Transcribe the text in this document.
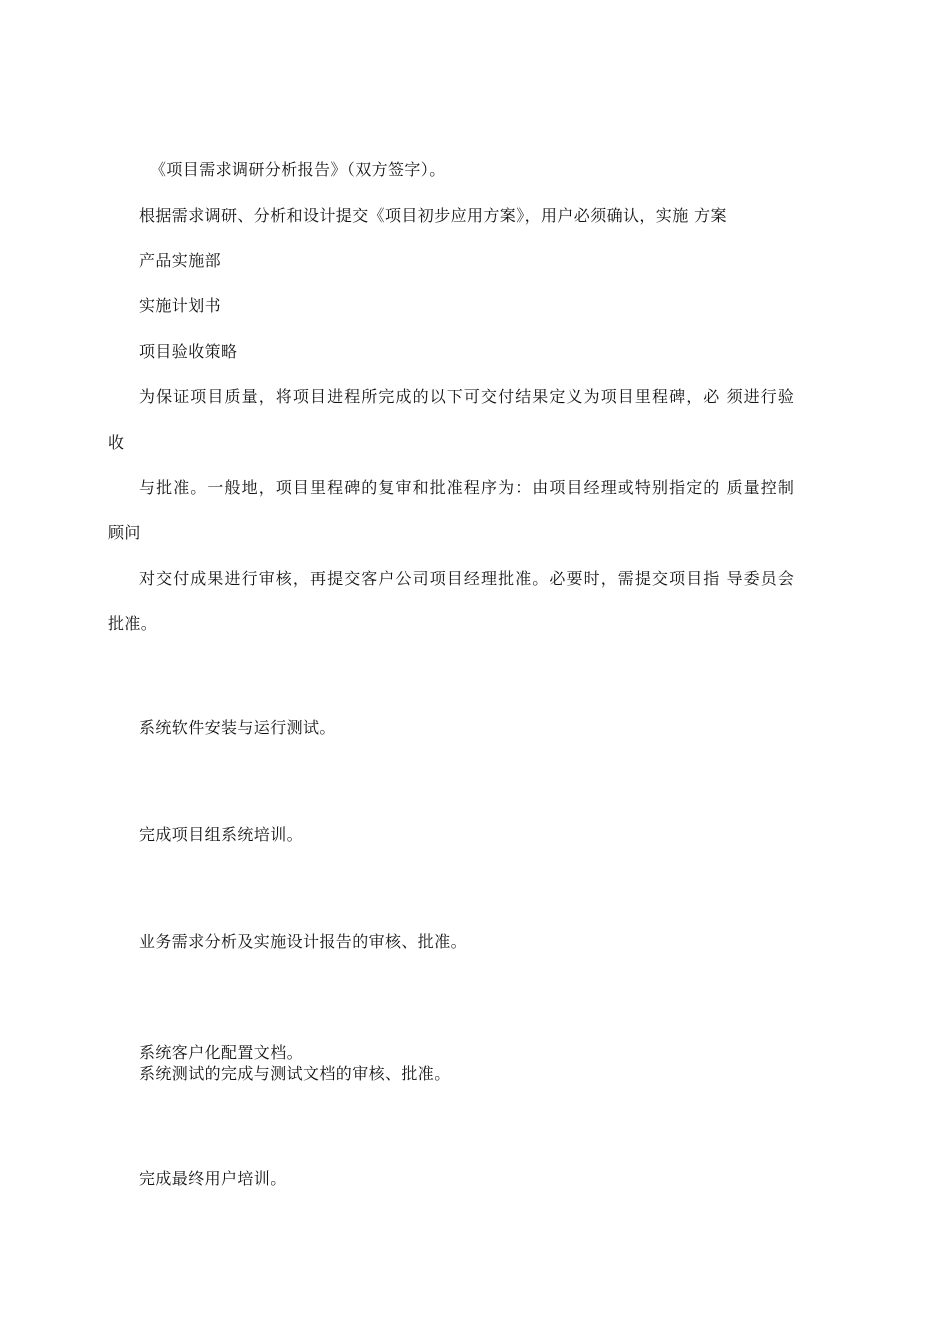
《项目需求调研分析报告》（双方签字）。
根据需求调研、分析和设计提交《项目初步应用方案》，用户必须确认，实施 方案
产品实施部
实施计划书
项目验收策略
为保证项目质量，将项目进程所完成的以下可交付结果定义为项目里程碑，必 须进行验
收
与批准。一般地，项目里程碑的复审和批准程序为：由项目经理或特别指定的 质量控制
顾问
对交付成果进行审核，再提交客户公司项目经理批准。必要时，需提交项目指 导委员会
批准。
系统软件安装与运行测试。
完成项目组系统培训。
业务需求分析及实施设计报告的审核、批准。
系统客户化配置文档。
系统测试的完成与测试文档的审核、批准。
完成最终用户培训。
